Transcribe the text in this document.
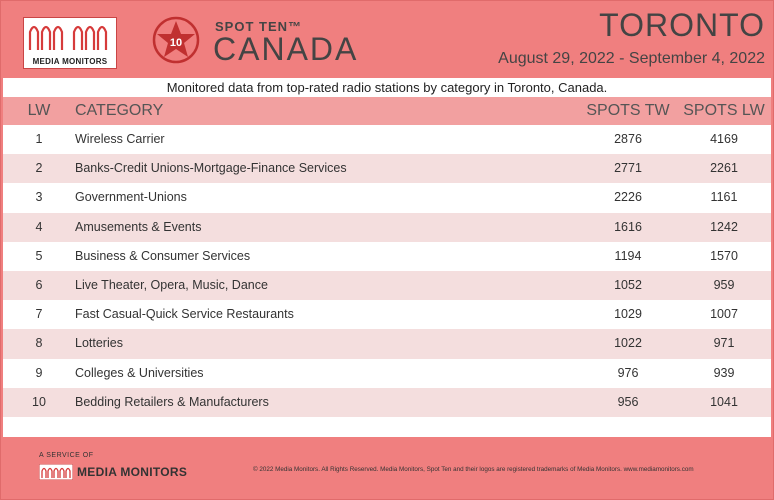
MEDIA MONITORS
10
SPOT TEN™
CANADA
TORONTO
August 29, 2022 - September 4, 2022
Monitored data from top-rated radio stations by category in Toronto, Canada.
LW	CATEGORY	SPOTS TW SPOTS LW
1	Wireless Carrier	2876	4169
2	Banks-Credit Unions-Mortgage-Finance Services	2771	2261
3	Government-Unions	2226	1161
4	Amusements & Events	1616	1242
5	Business & Consumer Services	1194	1570
6	Live Theater, Opera, Music, Dance	1052	959
7	Fast Casual-Quick Service Restaurants	1029	1007
8	Lotteries	1022	971
9	Colleges & Universities	976	939
10	Bedding Retailers & Manufacturers	956	1041
A SERVICE OF
MEDIA MONITORS	© 2022 Media Monitors. All Rights Reserved. Media Monitors, Spot Ten and their logos are registered trademarks of Media Monitors. www.mediamonitors.com
